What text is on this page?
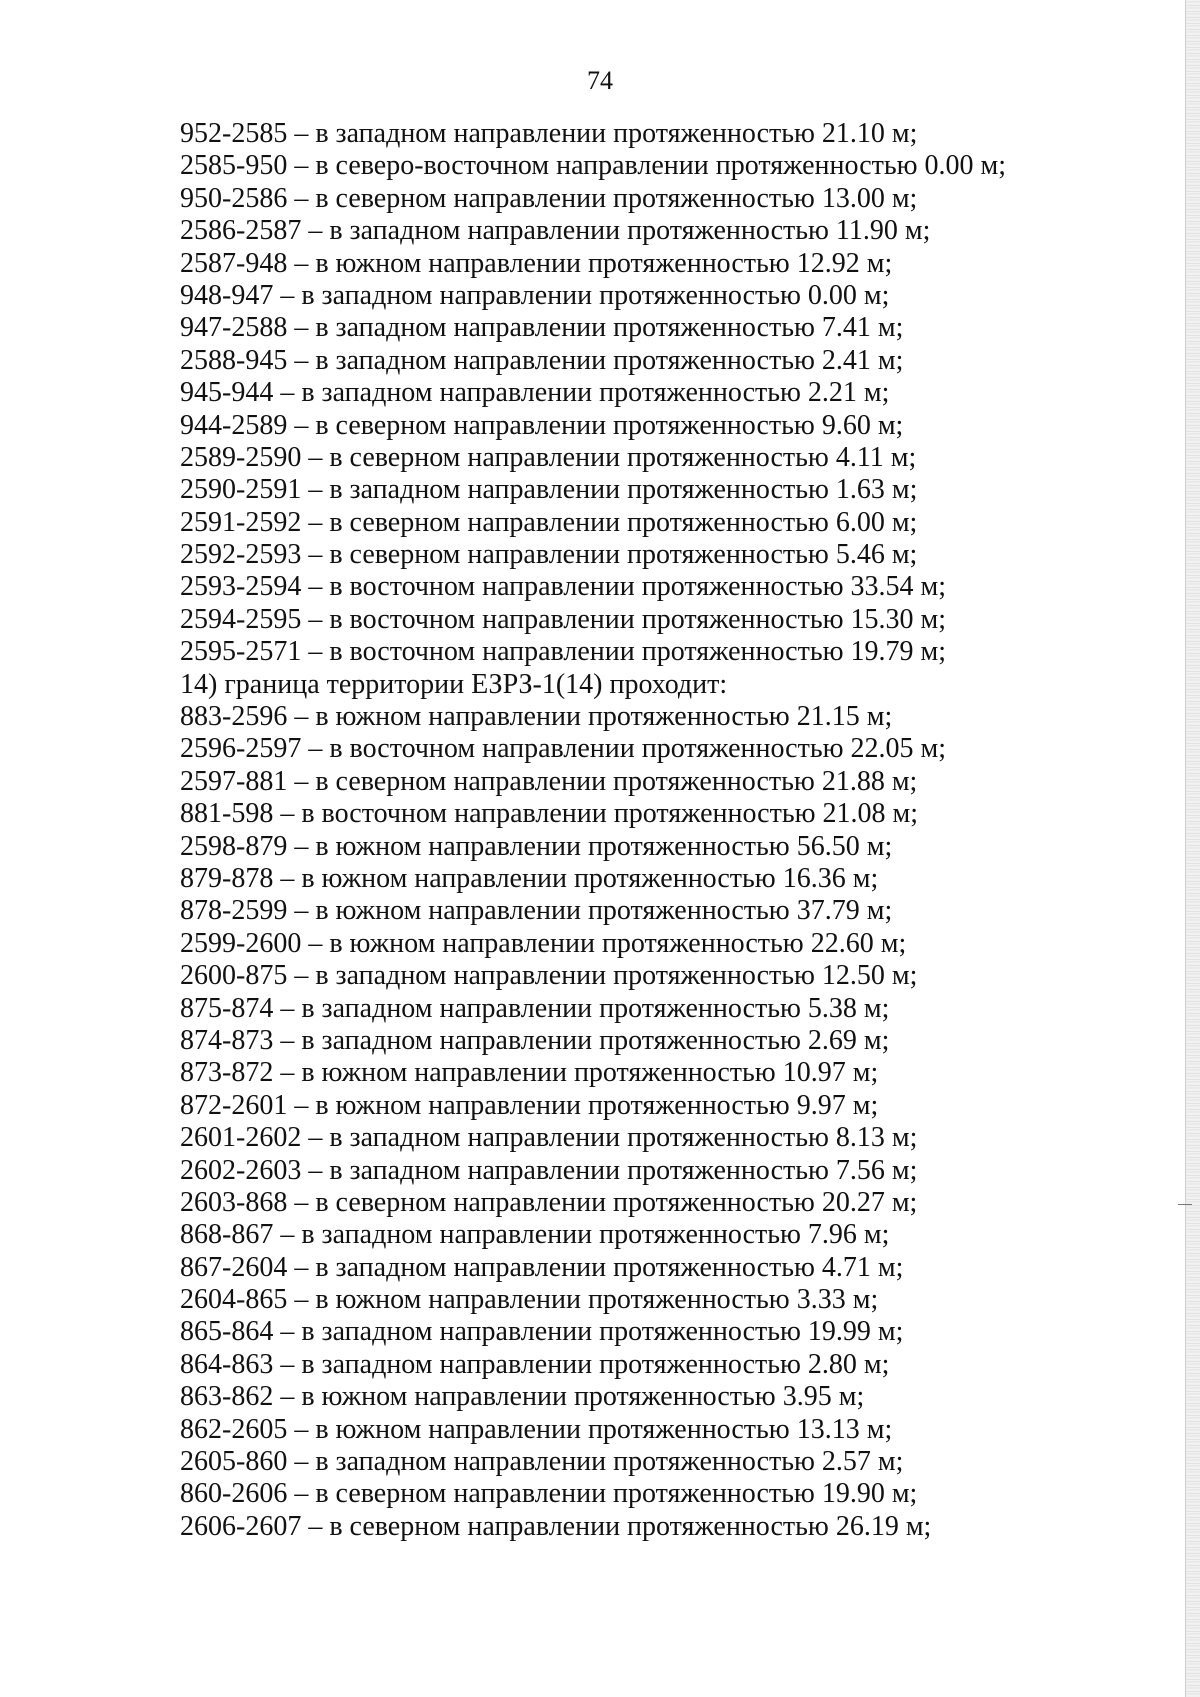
74
952-2585 – в западном направлении протяженностью 21.10 м;
2585-950 – в северо-восточном направлении протяженностью 0.00 м;
950-2586 – в северном направлении протяженностью 13.00 м;
2586-2587 – в западном направлении протяженностью 11.90 м;
2587-948 – в южном направлении протяженностью 12.92 м;
948-947 – в западном направлении протяженностью 0.00 м;
947-2588 – в западном направлении протяженностью 7.41 м;
2588-945 – в западном направлении протяженностью 2.41 м;
945-944 – в западном направлении протяженностью 2.21 м;
944-2589 – в северном направлении протяженностью 9.60 м;
2589-2590 – в северном направлении протяженностью 4.11 м;
2590-2591 – в западном направлении протяженностью 1.63 м;
2591-2592 – в северном направлении протяженностью 6.00 м;
2592-2593 – в северном направлении протяженностью 5.46 м;
2593-2594 – в восточном направлении протяженностью 33.54 м;
2594-2595 – в восточном направлении протяженностью 15.30 м;
2595-2571 – в восточном направлении протяженностью 19.79 м;
14) граница территории ЕЗРЗ-1(14) проходит:
883-2596 – в южном направлении протяженностью 21.15 м;
2596-2597 – в восточном направлении протяженностью 22.05 м;
2597-881 – в северном направлении протяженностью 21.88 м;
881-598 – в восточном направлении протяженностью 21.08 м;
2598-879 – в южном направлении протяженностью 56.50 м;
879-878 – в южном направлении протяженностью 16.36 м;
878-2599 – в южном направлении протяженностью 37.79 м;
2599-2600 – в южном направлении протяженностью 22.60 м;
2600-875 – в западном направлении протяженностью 12.50 м;
875-874 – в западном направлении протяженностью 5.38 м;
874-873 – в западном направлении протяженностью 2.69 м;
873-872 – в южном направлении протяженностью 10.97 м;
872-2601 – в южном направлении протяженностью 9.97 м;
2601-2602 – в западном направлении протяженностью 8.13 м;
2602-2603 – в западном направлении протяженностью 7.56 м;
2603-868 – в северном направлении протяженностью 20.27 м;
868-867 – в западном направлении протяженностью 7.96 м;
867-2604 – в западном направлении протяженностью 4.71 м;
2604-865 – в южном направлении протяженностью 3.33 м;
865-864 – в западном направлении протяженностью 19.99 м;
864-863 – в западном направлении протяженностью 2.80 м;
863-862 – в южном направлении протяженностью 3.95 м;
862-2605 – в южном направлении протяженностью 13.13 м;
2605-860 – в западном направлении протяженностью 2.57 м;
860-2606 – в северном направлении протяженностью 19.90 м;
2606-2607 – в северном направлении протяженностью 26.19 м;
